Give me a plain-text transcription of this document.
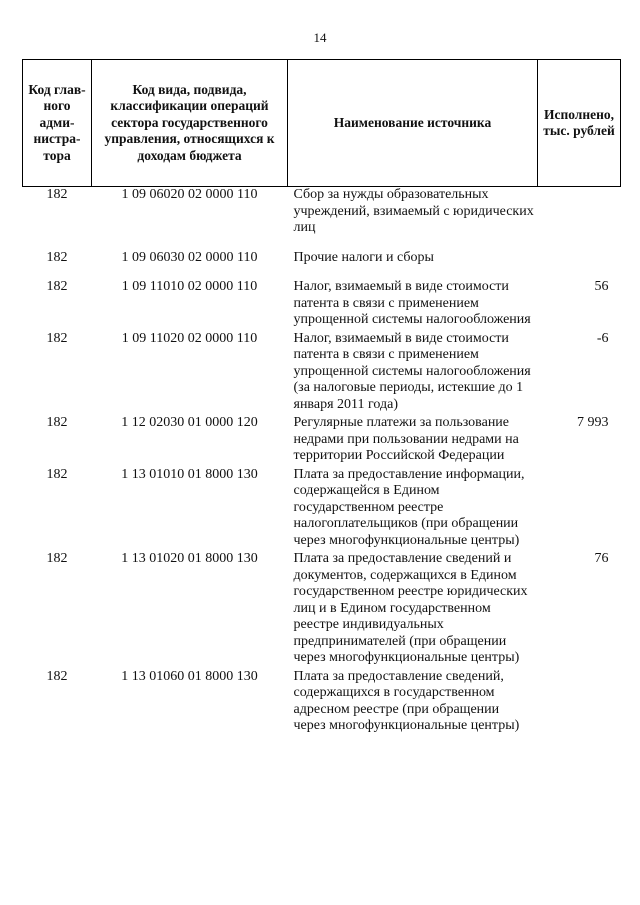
14
Код глав-ного адми-нистра-тора	Код вида, подвида, классификации операций сектора государственного управления, относящихся к доходам бюджета	Наименование источника	Исполнено, тыс. рублей
182	1 09 06020 02 0000 110	Сбор за нужды образовательных учреждений, взимаемый с юридических лиц	
182	1 09 06030 02 0000 110	Прочие налоги и сборы	
182	1 09 11010 02 0000 110	Налог, взимаемый в виде стоимости патента в связи с применением упрощенной системы налогообложения	56
182	1 09 11020 02 0000 110	Налог, взимаемый в виде стоимости патента в связи с применением упрощенной системы налогообложения (за налоговые периоды, истекшие до 1 января 2011 года)	-6
182	1 12 02030 01 0000 120	Регулярные платежи за пользование недрами при пользовании недрами на территории Российской Федерации	7 993
182	1 13 01010 01 8000 130	Плата за предоставление информации, содержащейся в Едином государственном реестре налогоплательщиков (при обращении через многофункциональные центры)	
182	1 13 01020 01 8000 130	Плата за предоставление сведений и документов, содержащихся в Едином государственном реестре юридических лиц и в Едином государственном реестре индивидуальных предпринимателей (при обращении через многофункциональные центры)	76
182	1 13 01060 01 8000 130	Плата за предоставление сведений, содержащихся в государственном адресном реестре (при обращении через многофункциональные центры)	
